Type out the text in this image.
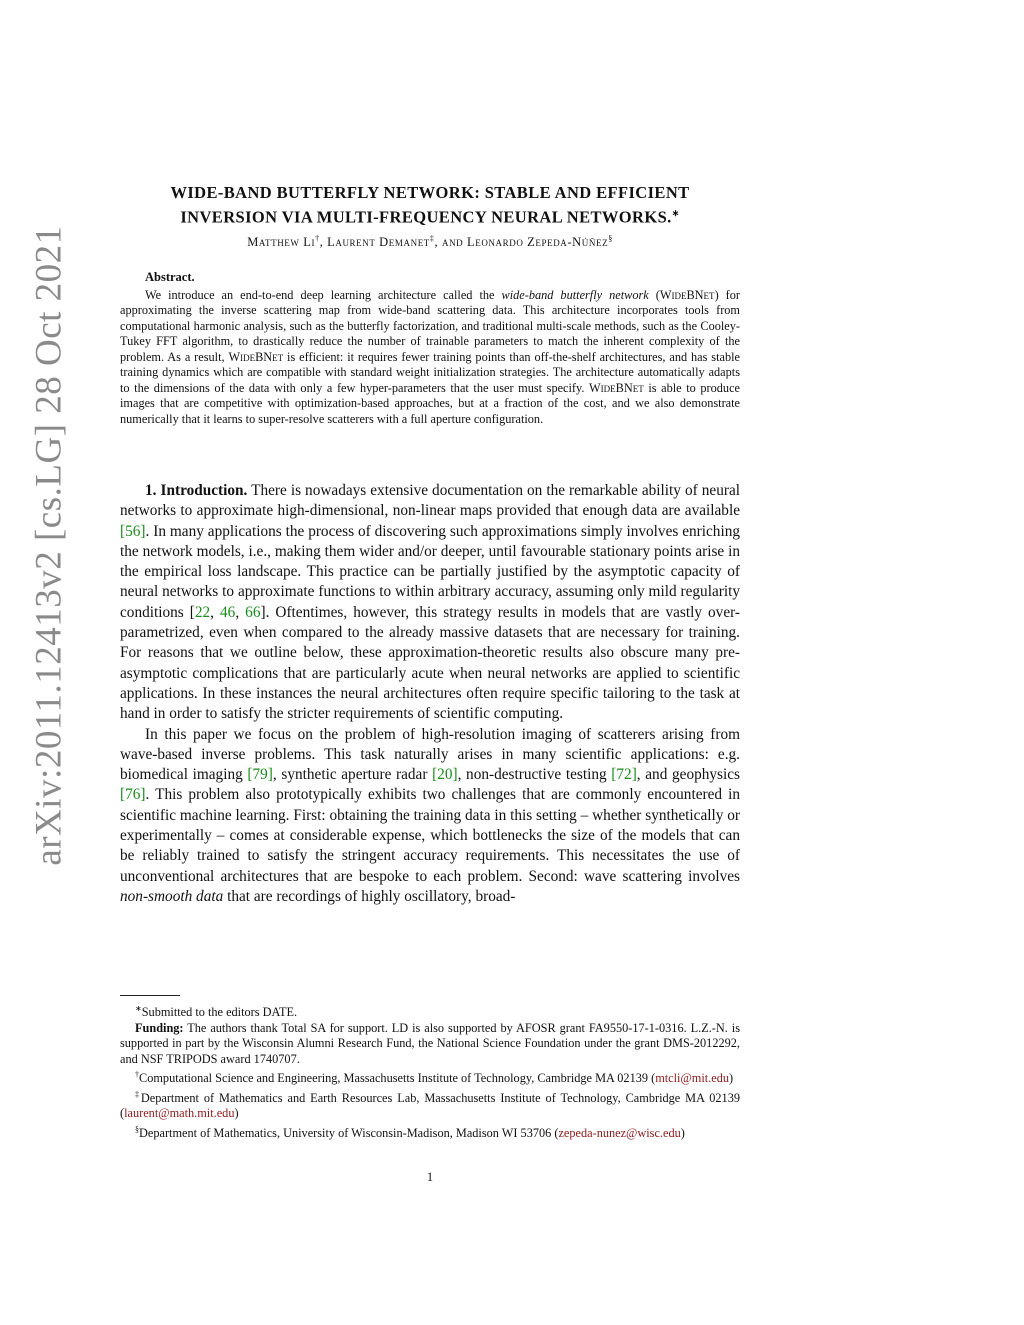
arXiv:2011.12413v2 [cs.LG] 28 Oct 2021
WIDE-BAND BUTTERFLY NETWORK: STABLE AND EFFICIENT
INVERSION VIA MULTI-FREQUENCY NEURAL NETWORKS.∗
Matthew Li†, Laurent Demanet‡, and Leonardo Zepeda-Núñez§
Abstract.

We introduce an end-to-end deep learning architecture called the wide-band butterfly network (WideBNet) for approximating the inverse scattering map from wide-band scattering data. This architecture incorporates tools from computational harmonic analysis, such as the butterfly factorization, and traditional multi-scale methods, such as the Cooley-Tukey FFT algorithm, to drastically reduce the number of trainable parameters to match the inherent complexity of the problem. As a result, WideBNet is efficient: it requires fewer training points than off-the-shelf architectures, and has stable training dynamics which are compatible with standard weight initialization strategies. The architecture automatically adapts to the dimensions of the data with only a few hyper-parameters that the user must specify. WideBNet is able to produce images that are competitive with optimization-based approaches, but at a fraction of the cost, and we also demonstrate numerically that it learns to super-resolve scatterers with a full aperture configuration.

1. Introduction. There is nowadays extensive documentation on the remarkable ability of neural networks to approximate high-dimensional, non-linear maps provided that enough data are available [56]. In many applications the process of discovering such approximations simply involves enriching the network models, i.e., making them wider and/or deeper, until favourable stationary points arise in the empirical loss landscape. This practice can be partially justified by the asymptotic capacity of neural networks to approximate functions to within arbitrary accuracy, assuming only mild regularity conditions [22, 46, 66]. Oftentimes, however, this strategy results in models that are vastly over-parametrized, even when compared to the already massive datasets that are necessary for training. For reasons that we outline below, these approximation-theoretic results also obscure many pre-asymptotic complications that are particularly acute when neural networks are applied to scientific applications. In these instances the neural architectures often require specific tailoring to the task at hand in order to satisfy the stricter requirements of scientific computing.

In this paper we focus on the problem of high-resolution imaging of scatterers arising from wave-based inverse problems. This task naturally arises in many scientific applications: e.g. biomedical imaging [79], synthetic aperture radar [20], non-destructive testing [72], and geophysics [76]. This problem also prototypically exhibits two challenges that are commonly encountered in scientific machine learning. First: obtaining the training data in this setting – whether synthetically or experimentally – comes at considerable expense, which bottlenecks the size of the models that can be reliably trained to satisfy the stringent accuracy requirements. This necessitates the use of unconventional architectures that are bespoke to each problem. Second: wave scattering involves non-smooth data that are recordings of highly oscillatory, broad-

∗Submitted to the editors DATE.

Funding: The authors thank Total SA for support. LD is also supported by AFOSR grant FA9550-17-1-0316. L.Z.-N. is supported in part by the Wisconsin Alumni Research Fund, the National Science Foundation under the grant DMS-2012292, and NSF TRIPODS award 1740707.

†Computational Science and Engineering, Massachusetts Institute of Technology, Cambridge MA 02139 (mtcli@mit.edu)

‡Department of Mathematics and Earth Resources Lab, Massachusetts Institute of Technology, Cambridge MA 02139 (laurent@math.mit.edu)

§Department of Mathematics, University of Wisconsin-Madison, Madison WI 53706 (zepeda-nunez@wisc.edu)

1
